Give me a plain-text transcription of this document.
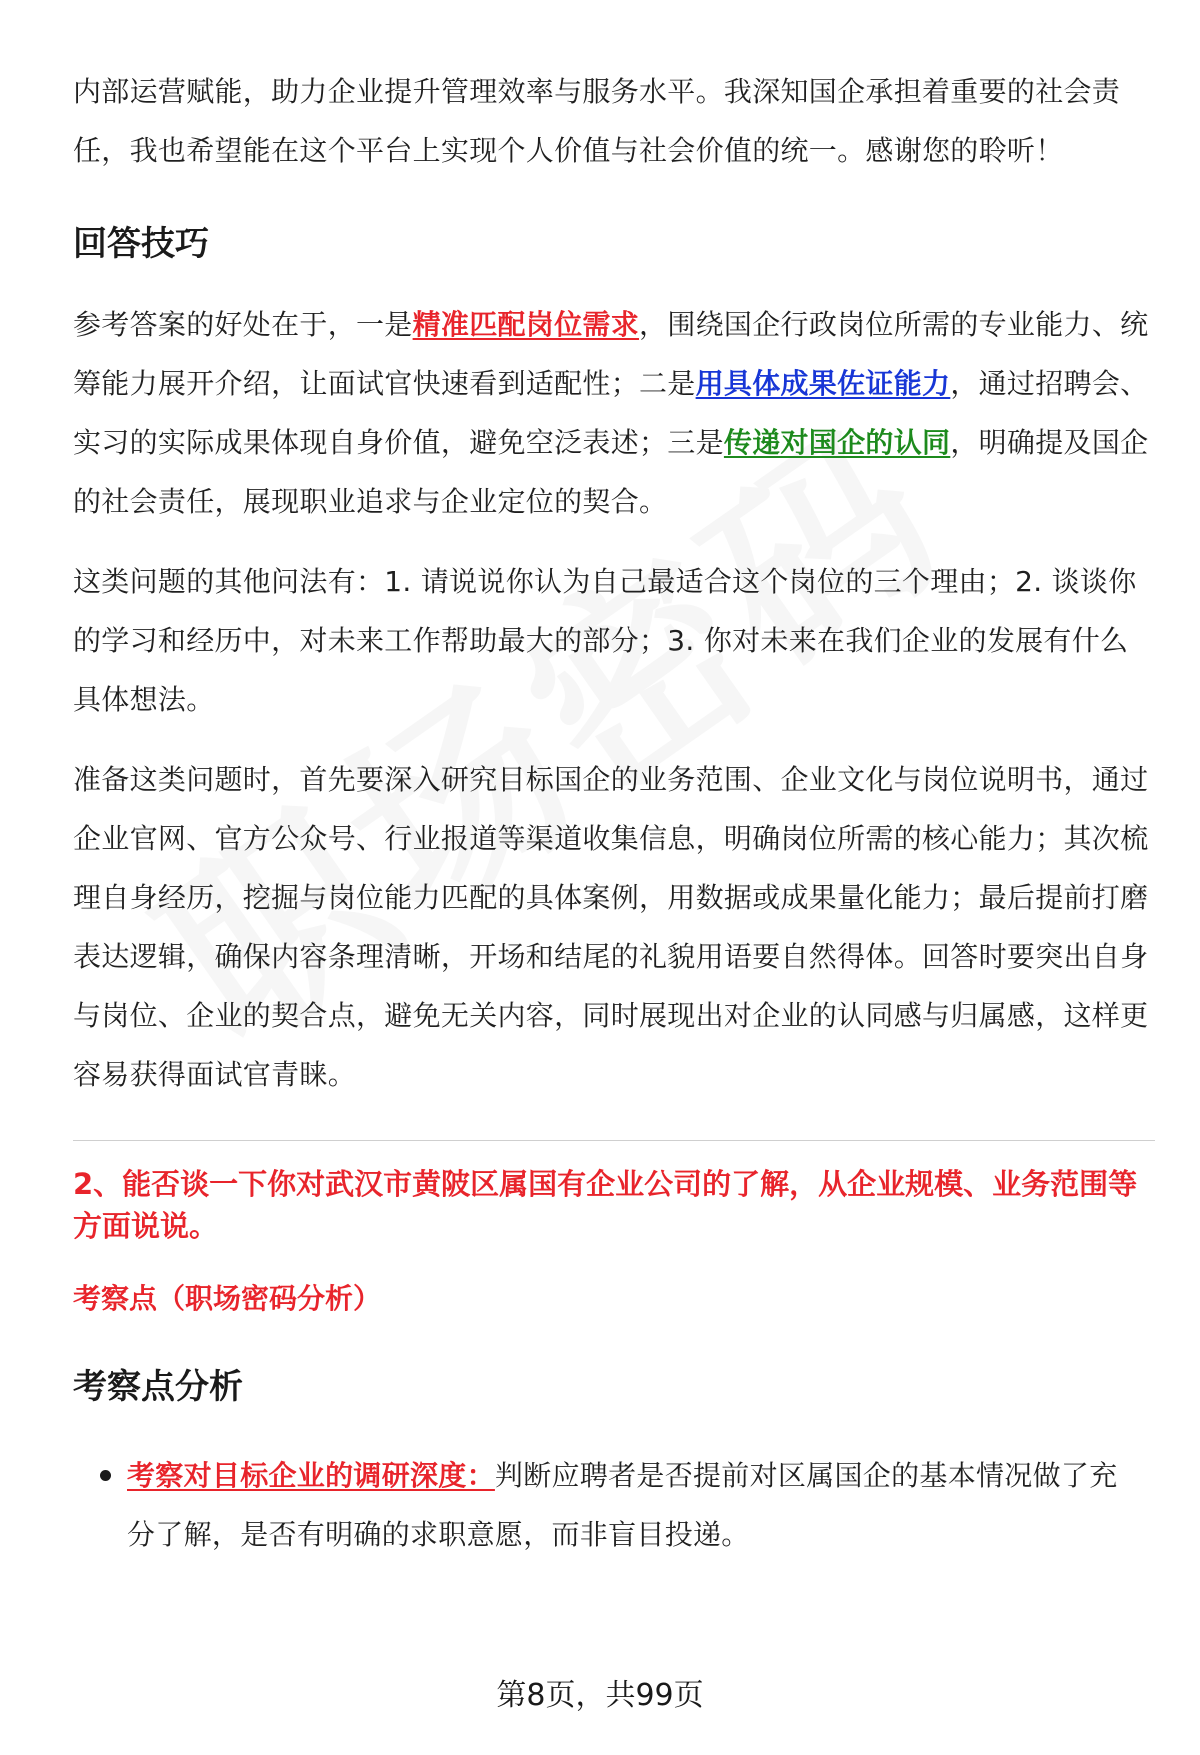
内部运营赋能，助力企业提升管理效率与服务水平。我深知国企承担着重要的社会责任，我也希望能在这个平台上实现个人价值与社会价值的统一。感谢您的聆听！

回答技巧

参考答案的好处在于，一是精准匹配岗位需求，围绕国企行政岗位所需的专业能力、统筹能力展开介绍，让面试官快速看到适配性；二是用具体成果佐证能力，通过招聘会、实习的实际成果体现自身价值，避免空泛表述；三是传递对国企的认同，明确提及国企的社会责任，展现职业追求与企业定位的契合。

这类问题的其他问法有：1. 请说说你认为自己最适合这个岗位的三个理由；2. 谈谈你的学习和经历中，对未来工作帮助最大的部分；3. 你对未来在我们企业的发展有什么具体想法。

准备这类问题时，首先要深入研究目标国企的业务范围、企业文化与岗位说明书，通过企业官网、官方公众号、行业报道等渠道收集信息，明确岗位所需的核心能力；其次梳理自身经历，挖掘与岗位能力匹配的具体案例，用数据或成果量化能力；最后提前打磨表达逻辑，确保内容条理清晰，开场和结尾的礼貌用语要自然得体。回答时要突出自身与岗位、企业的契合点，避免无关内容，同时展现出对企业的认同感与归属感，这样更容易获得面试官青睐。

2、能否谈一下你对武汉市黄陂区属国有企业公司的了解，从企业规模、业务范围等方面说说。

考察点（职场密码分析）

考察点分析

考察对目标企业的调研深度：判断应聘者是否提前对区属国企的基本情况做了充分了解，是否有明确的求职意愿，而非盲目投递。

第8页，共99页
